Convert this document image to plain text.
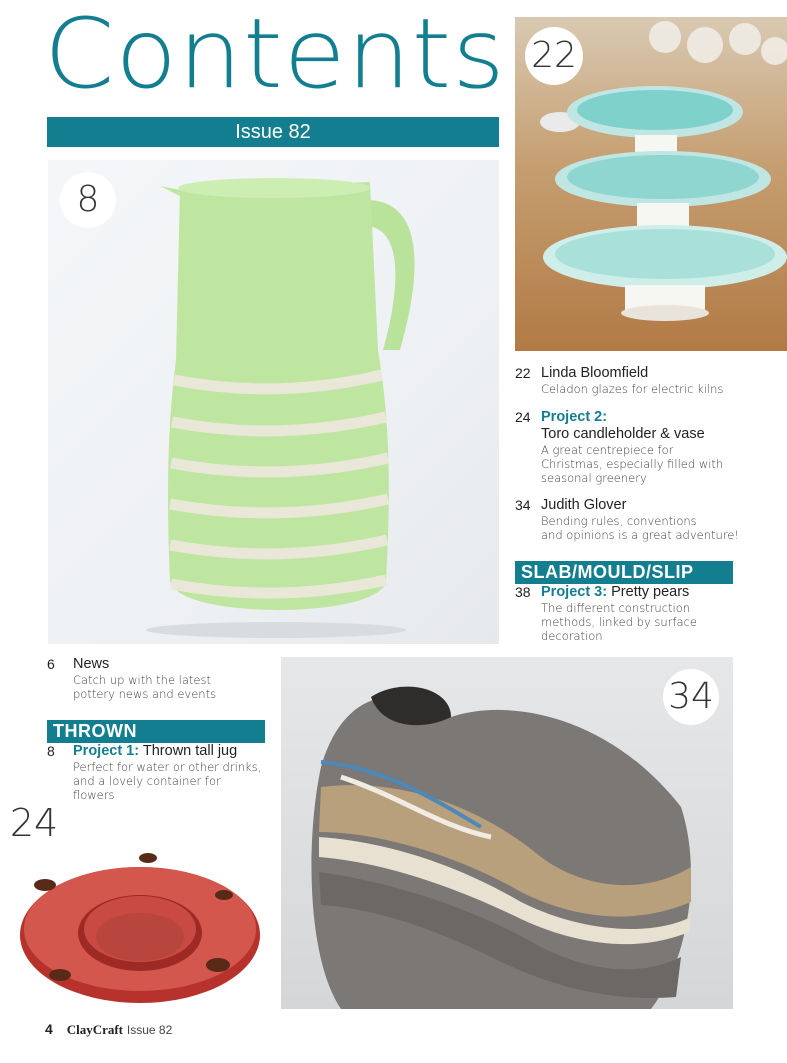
Contents
Issue 82
8
22
22 Linda Bloomfield
Celadon glazes for electric kilns
24 Project 2:
Toro candleholder & vase
A great centrepiece for
Christmas, especially filled with
seasonal greenery
34 Judith Glover
Bending rules, conventions
and opinions is a great adventure!
SLAB/MOULD/SLIP
38 Project 3: Pretty pears
The different construction
methods, linked by surface
decoration
6 News
Catch up with the latest
pottery news and events
THROWN
8 Project 1: Thrown tall jug
Perfect for water or other drinks,
and a lovely container for
flowers
24
34
4 ClayCraft Issue 82
